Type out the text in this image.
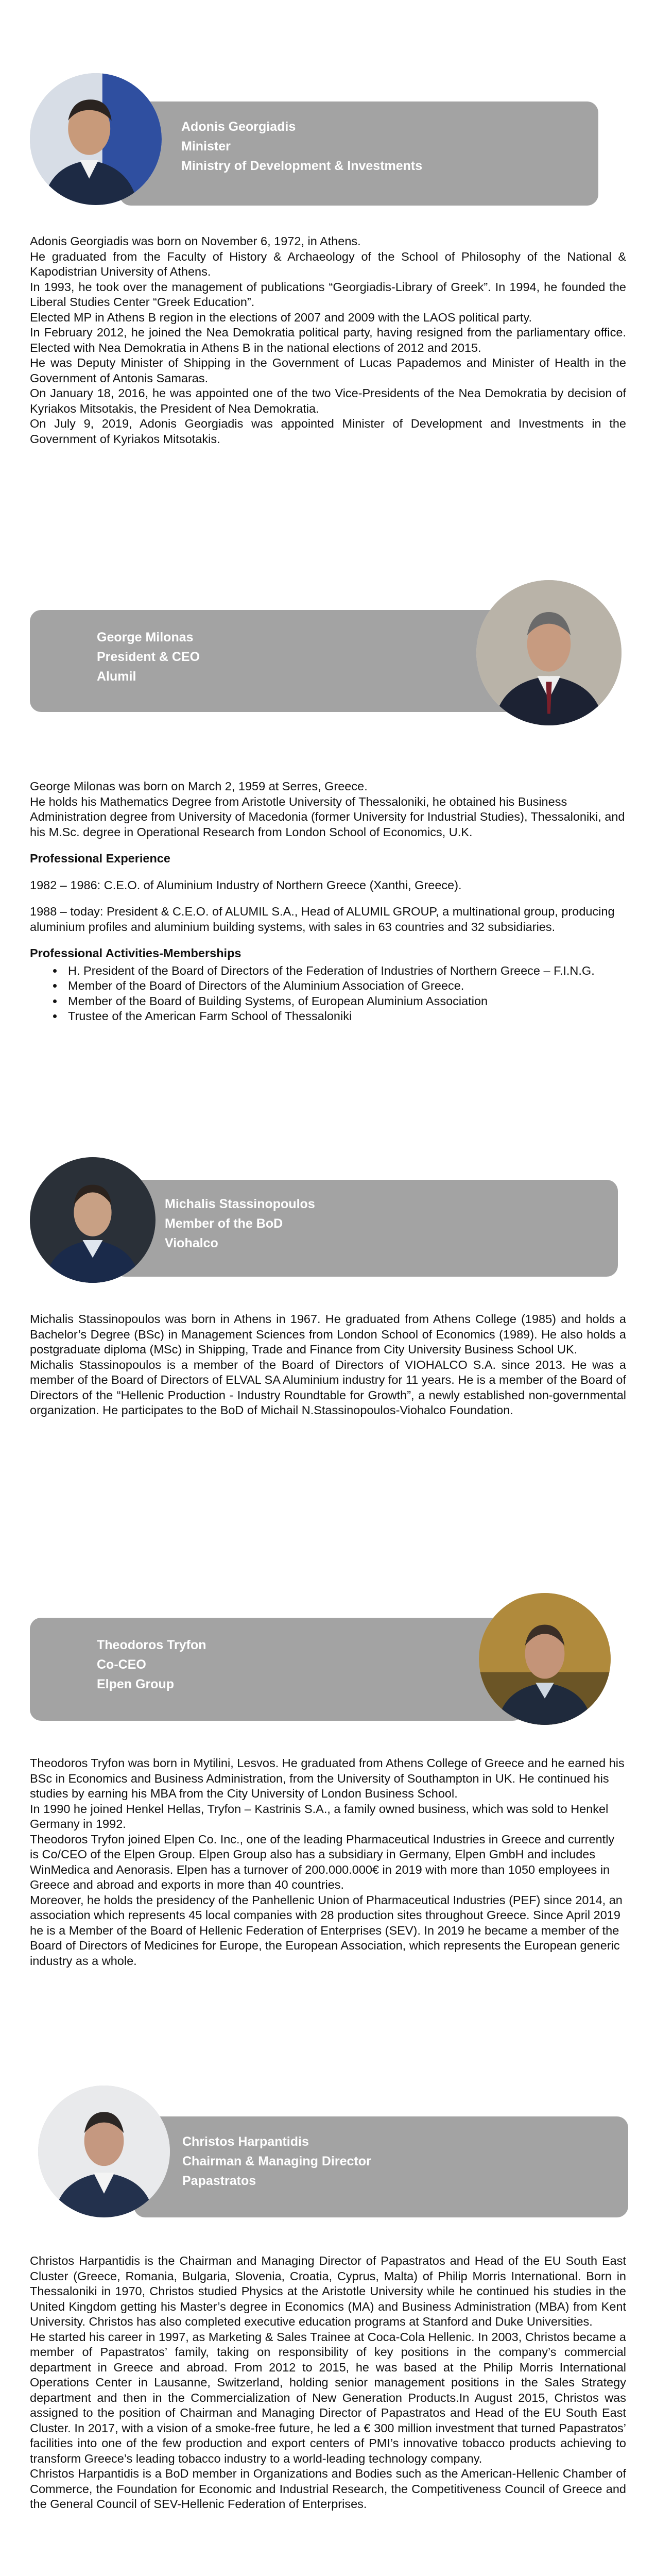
Adonis Georgiadis
Minister
Ministry of Development & Investments

Adonis Georgiadis was born on November 6, 1972, in Athens.

He graduated from the Faculty of History & Archaeology of the School of Philosophy of the National & Kapodistrian University of Athens.

In 1993, he took over the management of publications “Georgiadis-Library of Greek”. In 1994, he founded the Liberal Studies Center “Greek Education”.

Elected MP in Athens B region in the elections of 2007 and 2009 with the LAOS political party.

In February 2012, he joined the Nea Demokratia political party, having resigned from the parliamentary office. Elected with Nea Demokratia in Athens B in the national elections of 2012 and 2015.

He was Deputy Minister of Shipping in the Government of Lucas Papademos and Minister of Health in the Government of Antonis Samaras.

On January 18, 2016, he was appointed one of the two Vice-Presidents of the Nea Demokratia by decision of Kyriakos Mitsotakis, the President of Nea Demokratia.

On July 9, 2019, Adonis Georgiadis was appointed Minister of Development and Investments in the Government of Kyriakos Mitsotakis.

George Milonas
President & CEO
Alumil

George Milonas was born on March 2, 1959 at Serres, Greece.

He holds his Mathematics Degree from Aristotle University of Thessaloniki, he obtained his Business Administration degree from University of Macedonia (former University for Industrial Studies), Thessaloniki, and his M.Sc. degree in Operational Research from London School of Economics, U.K.

Professional Experience

1982 – 1986: C.E.O. of Aluminium Industry of Northern Greece (Xanthi, Greece).

1988 – today: President & C.E.O. of ALUMIL S.A., Head of ALUMIL GROUP, a multinational group, producing aluminium profiles and aluminium building systems, with sales in 63 countries and 32 subsidiaries.

Professional Activities-Memberships

• H. President of the Board of Directors of the Federation of Industries of Northern Greece – F.I.N.G.
• Member of the Board of Directors of the Aluminium Association of Greece.
• Member of the Board of Building Systems, of European Aluminium Association
• Trustee of the American Farm School of Thessaloniki
Michalis Stassinopoulos
Member of the BoD
Viohalco

Michalis Stassinopoulos was born in Athens in 1967. He graduated from Athens College (1985) and holds a Bachelor’s Degree (BSc) in Management Sciences from London School of Economics (1989). He also holds a postgraduate diploma (MSc) in Shipping, Trade and Finance from City University Business School UK.

Michalis Stassinopoulos is a member of the Board of Directors of VIOHALCO S.A. since 2013. He was a member of the Board of Directors of ELVAL SA Aluminium industry for 11 years. He is a member of the Board of Directors of the “Hellenic Production - Industry Roundtable for Growth”, a newly established non-governmental organization. He participates to the BoD of Michail N.Stassinopoulos-Viohalco Foundation.

Theodoros Tryfon
Co-CEO
Elpen Group

Theodoros Tryfon was born in Mytilini, Lesvos. He graduated from Athens College of Greece and he earned his BSc in Economics and Business Administration, from the University of Southampton in UK. He continued his studies by earning his MBA from the City University of London Business School.

In 1990 he joined Henkel Hellas, Tryfon – Kastrinis S.A., a family owned business, which was sold to Henkel Germany in 1992.

Theodoros Tryfon joined Elpen Co. Inc., one of the leading Pharmaceutical Industries in Greece and currently is Co/CEO of the Elpen Group. Elpen Group also has a subsidiary in Germany, Elpen GmbH and includes WinMedica and Aenorasis. Elpen has a turnover of 200.000.000€ in 2019 with more than 1050 employees in Greece and abroad and exports in more than 40 countries.

Moreover, he holds the presidency of the Panhellenic Union of Pharmaceutical Industries (PEF) since 2014, an association which represents 45 local companies with 28 production sites throughout Greece. Since April 2019 he is a Member of the Board of Hellenic Federation of Enterprises (SEV). In 2019 he became a member of the Board of Directors of Medicines for Europe, the European Association, which represents the European generic industry as a whole.

Christos Harpantidis
Chairman & Managing Director
Papastratos

Christos Harpantidis is the Chairman and Managing Director of Papastratos and Head of the EU South East Cluster (Greece, Romania, Bulgaria, Slovenia, Croatia, Cyprus, Malta) of Philip Morris International. Born in Thessaloniki in 1970, Christos studied Physics at the Aristotle University while he continued his studies in the United Kingdom getting his Master’s degree in Economics (MA) and Business Administration (MBA) from Kent University. Christos has also completed executive education programs at Stanford and Duke Universities.

He started his career in 1997, as Marketing & Sales Trainee at Coca-Cola Hellenic. In 2003, Christos became a member of Papastratos’ family, taking on responsibility of key positions in the company’s commercial department in Greece and abroad. From 2012 to 2015, he was based at the Philip Morris International Operations Center in Lausanne, Switzerland, holding senior management positions in the Sales Strategy department and then in the Commercialization of New Generation Products.In August 2015, Christos was assigned to the position of Chairman and Managing Director of Papastratos and Head of the EU South East Cluster. In 2017, with a vision of a smoke-free future, he led a € 300 million investment that turned Papastratos’ facilities into one of the few production and export centers of PMI’s innovative tobacco products achieving to transform Greece’s leading tobacco industry to a world-leading technology company.

Christos Harpantidis is a BoD member in Organizations and Bodies such as the American-Hellenic Chamber of Commerce, the Foundation for Economic and Industrial Research, the Competitiveness Council of Greece and the General Council of SEV-Hellenic Federation of Enterprises.
